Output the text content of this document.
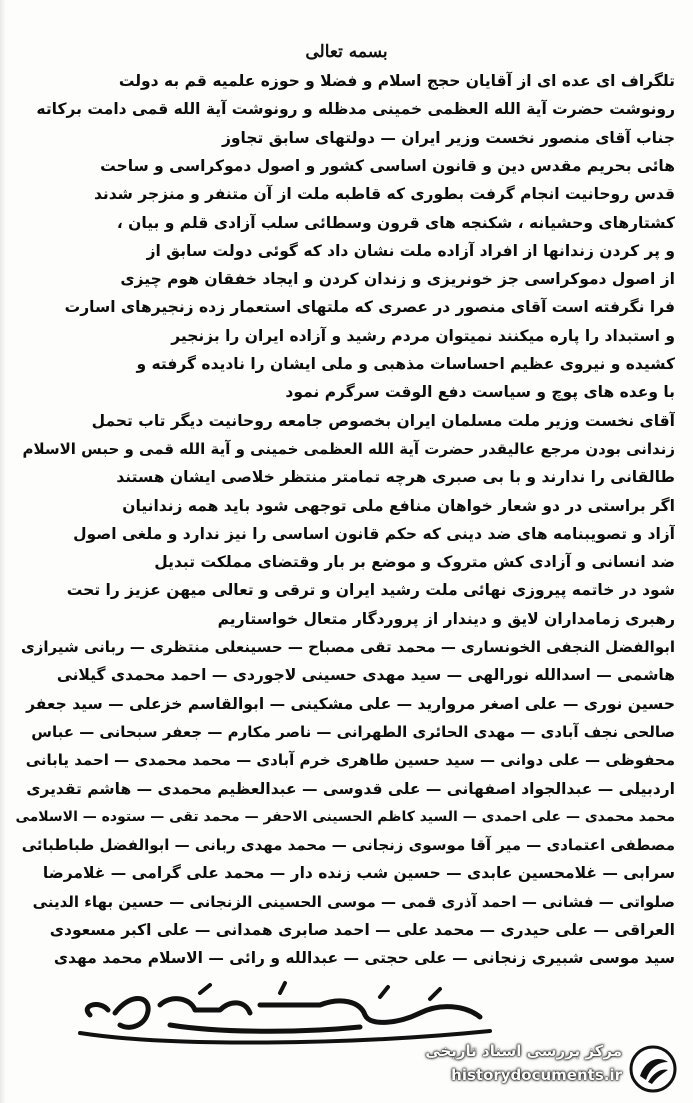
بسمه تعالی
تلگراف ای عده ای از آقایان حجج اسلام و فضلا و حوزه علمیه قم به دولت
رونوشت حضرت آیة الله العظمی خمینی مدظله و رونوشت آیة الله قمی دامت برکاته
جناب آقای منصور نخست وزیر ایران — دولتهای سابق تجاوز
هائی بحریم مقدس دین و قانون اساسی کشور و اصول دموکراسی و ساحت
قدس روحانیت انجام گرفت بطوری که قاطبه ملت از آن متنفر و منزجر شدند
کشتارهای وحشیانه ، شکنجه های قرون وسطائی سلب آزادی قلم و بیان ،
و پر کردن زندانها از افراد آزاده ملت نشان داد که گوئی دولت سابق از
از اصول دموکراسی جز خونریزی و زندان کردن و ایجاد خفقان هوم چیزی
فرا نگرفته است آقای منصور در عصری که ملتهای استعمار زده زنجیرهای اسارت
و استبداد را پاره میکنند نمیتوان مردم رشید و آزاده ایران را بزنجیر
کشیده و نیروی عظیم احساسات مذهبی و ملی ایشان را نادیده گرفته و
با وعده های پوچ و سیاست دفع الوقت سرگرم نمود
آقای نخست وزیر ملت مسلمان ایران بخصوص جامعه روحانیت دیگر تاب تحمل
زندانی بودن مرجع عالیقدر حضرت آیة الله العظمی خمینی و آیة الله قمی و حبس الاسلام
طالقانی را ندارند و با بی صبری هرچه تمامتر منتظر خلاصی ایشان هستند
اگر براستی در دو شعار خواهان منافع ملی توجهی شود باید همه زندانیان
آزاد و تصویبنامه های ضد دینی که حکم قانون اساسی را نیز ندارد و ملغی اصول
ضد انسانی و آزادی کش متروک و موضع بر بار وقتضای مملکت تبدیل
شود در خاتمه پیروزی نهائی ملت رشید ایران و ترقی و تعالی میهن عزیز را تحت
رهبری زمامداران لایق و دیندار از پروردگار متعال خواستاریم
ابوالفضل النجفی الخونساری — محمد تقی مصباح — حسینعلی منتظری — ربانی شیرازی
هاشمی — اسدالله نورالهی — سید مهدی حسینی لاجوردی — احمد محمدی گیلانی
حسین نوری — علی اصغر مروارید — علی مشکینی — ابوالقاسم خزعلی — سید جعفر
صالحی نجف آبادی — مهدی الحائری الطهرانی — ناصر مکارم — جعفر سبحانی — عباس
محفوظی — علی دوانی — سید حسین طاهری خرم آبادی — محمد محمدی — احمد یابانی
اردبیلی — عبدالجواد اصفهانی — علی قدوسی — عبدالعظیم محمدی — هاشم تقدیری
محمد محمدی — علی احمدی — السید کاظم الحسینی الاحفر — محمد تقی — ستوده — الاسلامی
مصطفی اعتمادی — میر آقا موسوی زنجانی — محمد مهدی ربانی — ابوالفضل طباطبائی
سرابی — غلامحسین عابدی — حسین شب زنده دار — محمد علی گرامی — غلامرضا
صلواتی — فشانی — احمد آذری قمی — موسی الحسینی الزنجانی — حسین بهاء الدینی
العراقی — علی حیدری — محمد علی — احمد صابری همدانی — علی اکبر مسعودی
سید موسی شبیری زنجانی — علی حجتی — عبدالله و رائی — الاسلام محمد مهدی
مرکز بررسی اسناد تاریخی
historydocuments.ir
